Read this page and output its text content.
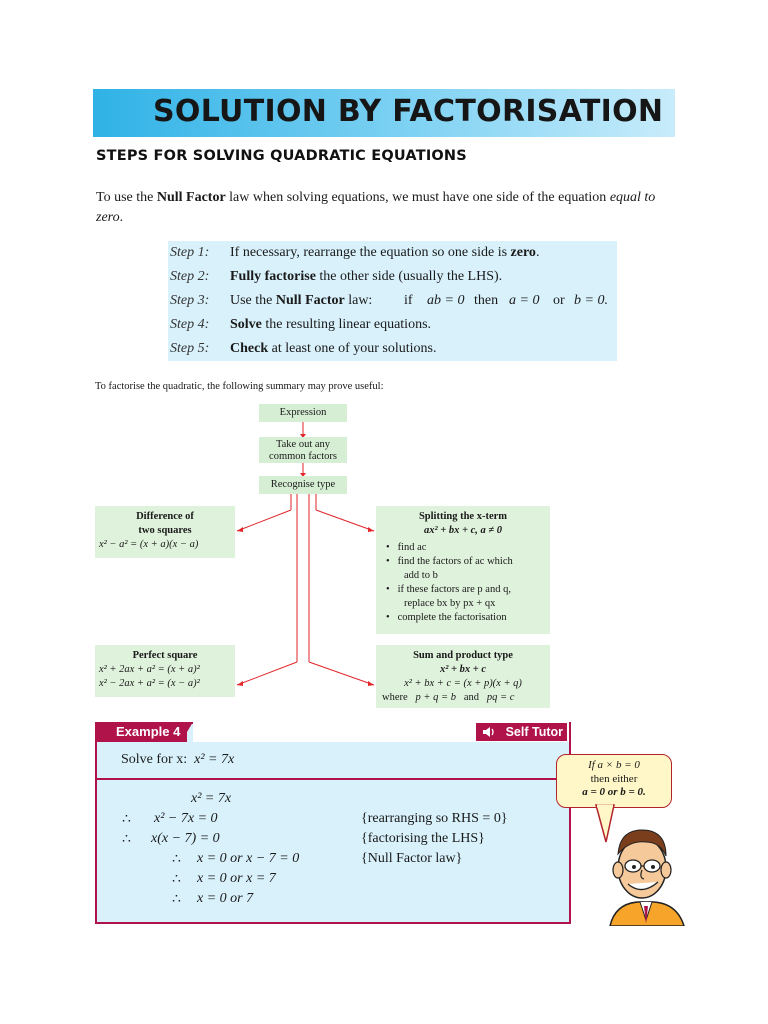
SOLUTION BY FACTORISATION
STEPS FOR SOLVING QUADRATIC EQUATIONS
To use the Null Factor law when solving equations, we must have one side of the equation equal to zero.
Step 1: If necessary, rearrange the equation so one side is zero.
Step 2: Fully factorise the other side (usually the LHS).
Step 3: Use the Null Factor law: if ab = 0 then a = 0 or b = 0.
Step 4: Solve the resulting linear equations.
Step 5: Check at least one of your solutions.
To factorise the quadratic, the following summary may prove useful:
Expression
Take out any
common factors
Recognise type
Difference of
two squares
x² − a² = (x + a)(x − a)
Splitting the x-term
ax² + bx + c, a ≠ 0
•   find ac
•   find the factors of ac which
add to b
•   if these factors are p and q,
replace bx by px + qx
•   complete the factorisation
Perfect square
x² + 2ax + a² = (x + a)²
x² − 2ax + a² = (x − a)²
Sum and product type
x² + bx + c
x² + bx + c = (x + p)(x + q)
where p + q = b and pq = c
Example 4	Self Tutor
Solve for x: x² = 7x
x² = 7x
∴ x² − 7x = 0	{rearranging so RHS = 0}
∴ x(x − 7) = 0	{factorising the LHS}
∴ x = 0 or x − 7 = 0	{Null Factor law}
∴ x = 0 or x = 7
∴ x = 0 or 7
If a × b = 0
then either
a = 0 or b = 0.
